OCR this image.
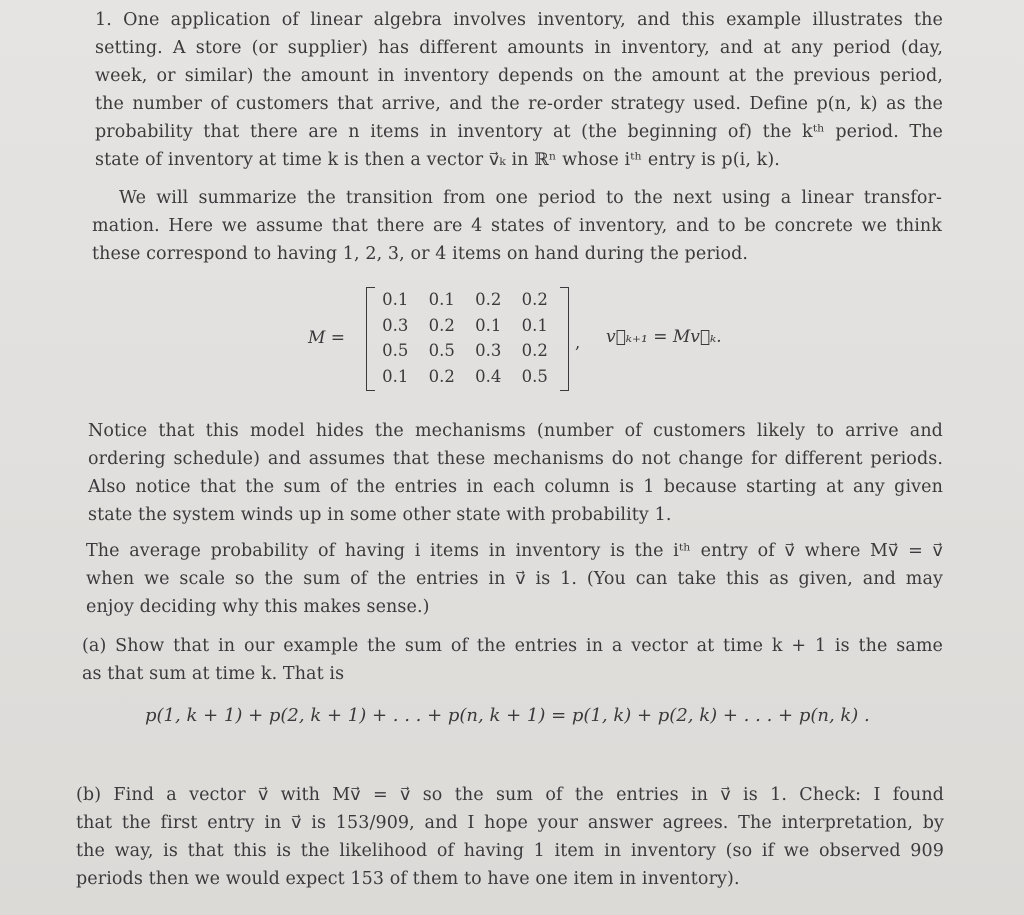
1. One application of linear algebra involves inventory, and this example illustrates the
setting. A store (or supplier) has different amounts in inventory, and at any period (day,
week, or similar) the amount in inventory depends on the amount at the previous period,
the number of customers that arrive, and the re-order strategy used. Define p(n, k) as the
probability that there are n items in inventory at (the beginning of) the kᵗʰ period. The
state of inventory at time k is then a vector v⃗ₖ in ℝⁿ whose iᵗʰ entry is p(i, k).
We will summarize the transition from one period to the next using a linear transfor-
mation. Here we assume that there are 4 states of inventory, and to be concrete we think
these correspond to having 1, 2, 3, or 4 items on hand during the period.
M =
0.1	0.1	0.2	0.2
0.3	0.2	0.1	0.1
0.5	0.5	0.3	0.2
0.1	0.2	0.4	0.5
, v⃗ₖ₊₁ = Mv⃗ₖ.
Notice that this model hides the mechanisms (number of customers likely to arrive and
ordering schedule) and assumes that these mechanisms do not change for different periods.
Also notice that the sum of the entries in each column is 1 because starting at any given
state the system winds up in some other state with probability 1.
The average probability of having i items in inventory is the iᵗʰ entry of v⃗ where Mv⃗ = v⃗
when we scale so the sum of the entries in v⃗ is 1. (You can take this as given, and may
enjoy deciding why this makes sense.)
(a) Show that in our example the sum of the entries in a vector at time k + 1 is the same
as that sum at time k. That is
p(1, k + 1) + p(2, k + 1) + . . . + p(n, k + 1) = p(1, k) + p(2, k) + . . . + p(n, k) .
(b) Find a vector v⃗ with Mv⃗ = v⃗ so the sum of the entries in v⃗ is 1. Check: I found
that the first entry in v⃗ is 153/909, and I hope your answer agrees. The interpretation, by
the way, is that this is the likelihood of having 1 item in inventory (so if we observed 909
periods then we would expect 153 of them to have one item in inventory).
